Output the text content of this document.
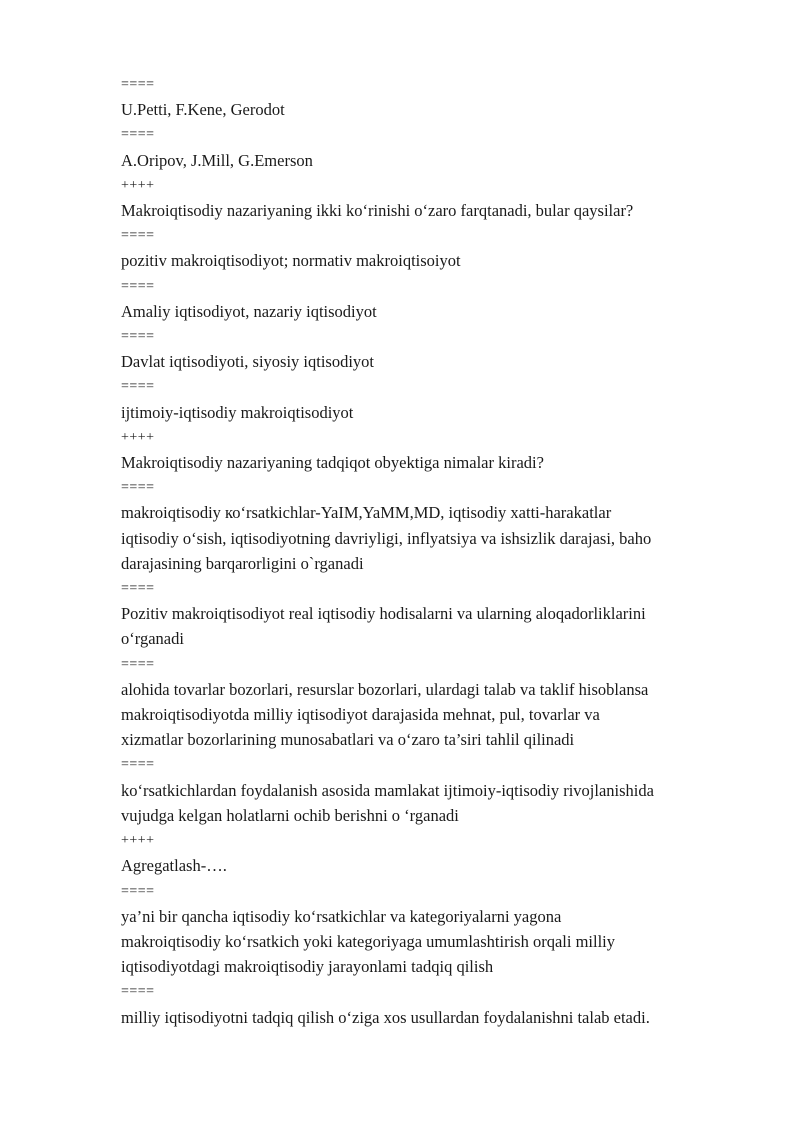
====
U.Petti, F.Kene, Gerodot
====
A.Oripov, J.Mill, G.Emerson
++++
Makroiqtisodiy nazariyaning ikki ko‘rinishi o‘zaro farqtanadi, bular qaysilar?
====
pozitiv makroiqtisodiyot; normativ makroiqtisoiyot
====
Amaliy iqtisodiyot, nazariy iqtisodiyot
====
Davlat iqtisodiyoti, siyosiy iqtisodiyot
====
ijtimoiy-iqtisodiy makroiqtisodiyot
++++
Makroiqtisodiy nazariyaning tadqiqot obyektiga nimalar kiradi?
====
makroiqtisodiy ко‘rsatkichlar-YaIM,YaMM,MD, iqtisodiy xatti-harakatlar
iqtisodiy o‘sish, iqtisodiyotning davriyligi, inflyatsiya va ishsizlik darajasi, baho
darajasining barqarorligini o`rganadi
====
Pozitiv makroiqtisodiyot real iqtisodiy hodisalarni va ularning aloqadorliklarini
o‘rganadi
====
alohida tovarlar bozorlari, resurslar bozorlari, ulardagi talab va taklif hisoblansa
makroiqtisodiyotda milliy iqtisodiyot darajasida mehnat, pul, tovarlar va
xizmatlar bozorlarining munosabatlari va o‘zaro ta’siri tahlil qilinadi
====
ko‘rsatkichlardan foydalanish asosida mamlakat ijtimoiy-iqtisodiy rivojlanishida
vujudga kelgan holatlarni ochib berishni o ‘rganadi
++++
Agregatlash-….
====
ya’ni bir qancha iqtisodiy ko‘rsatkichlar va kategoriyalarni yagona
makroiqtisodiy ko‘rsatkich yoki kategoriyaga umumlashtirish orqali milliy
iqtisodiyotdagi makroiqtisodiy jarayonlami tadqiq qilish
====
milliy iqtisodiyotni tadqiq qilish o‘ziga xos usullardan foydalanishni talab etadi.
